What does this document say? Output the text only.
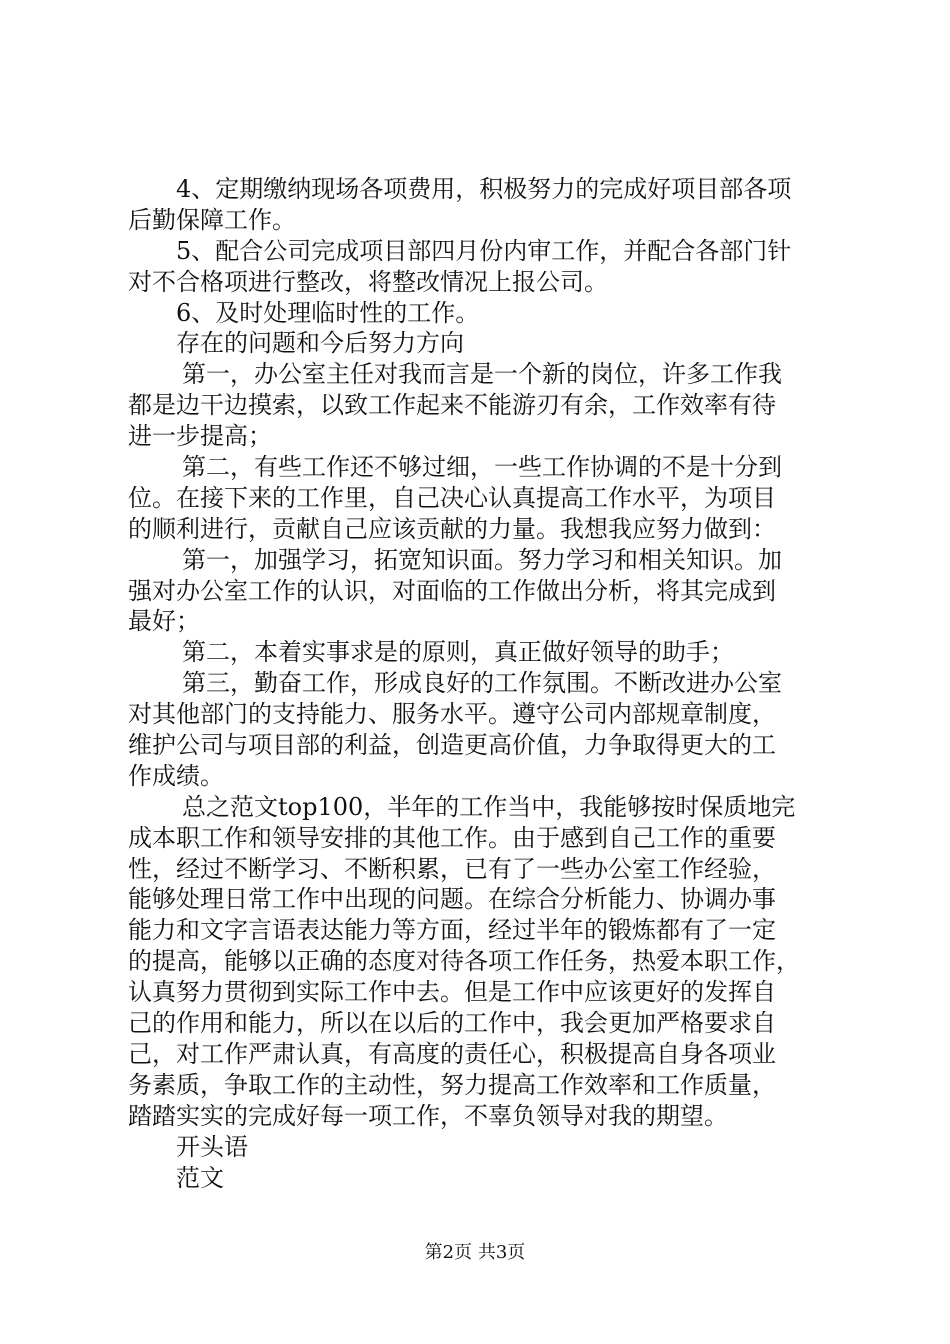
4、定期缴纳现场各项费用，积极努力的完成好项目部各项
后勤保障工作。
5、配合公司完成项目部四月份内审工作，并配合各部门针
对不合格项进行整改，将整改情况上报公司。
6、及时处理临时性的工作。
存在的问题和今后努力方向
第一，办公室主任对我而言是一个新的岗位，许多工作我
都是边干边摸索，以致工作起来不能游刃有余，工作效率有待
进一步提高；
第二，有些工作还不够过细，一些工作协调的不是十分到
位。在接下来的工作里，自己决心认真提高工作水平，为项目
的顺利进行，贡献自己应该贡献的力量。我想我应努力做到：
第一，加强学习，拓宽知识面。努力学习和相关知识。加
强对办公室工作的认识，对面临的工作做出分析，将其完成到
最好；
第二，本着实事求是的原则，真正做好领导的助手；
第三，勤奋工作，形成良好的工作氛围。不断改进办公室
对其他部门的支持能力、服务水平。遵守公司内部规章制度，
维护公司与项目部的利益，创造更高价值，力争取得更大的工
作成绩。
总之范文top100，半年的工作当中，我能够按时保质地完
成本职工作和领导安排的其他工作。由于感到自己工作的重要
性，经过不断学习、不断积累，已有了一些办公室工作经验，
能够处理日常工作中出现的问题。在综合分析能力、协调办事
能力和文字言语表达能力等方面，经过半年的锻炼都有了一定
的提高，能够以正确的态度对待各项工作任务，热爱本职工作，
认真努力贯彻到实际工作中去。但是工作中应该更好的发挥自
己的作用和能力，所以在以后的工作中，我会更加严格要求自
己，对工作严肃认真，有高度的责任心，积极提高自身各项业
务素质，争取工作的主动性，努力提高工作效率和工作质量，
踏踏实实的完成好每一项工作，不辜负领导对我的期望。
开头语
范文
第2页 共3页
